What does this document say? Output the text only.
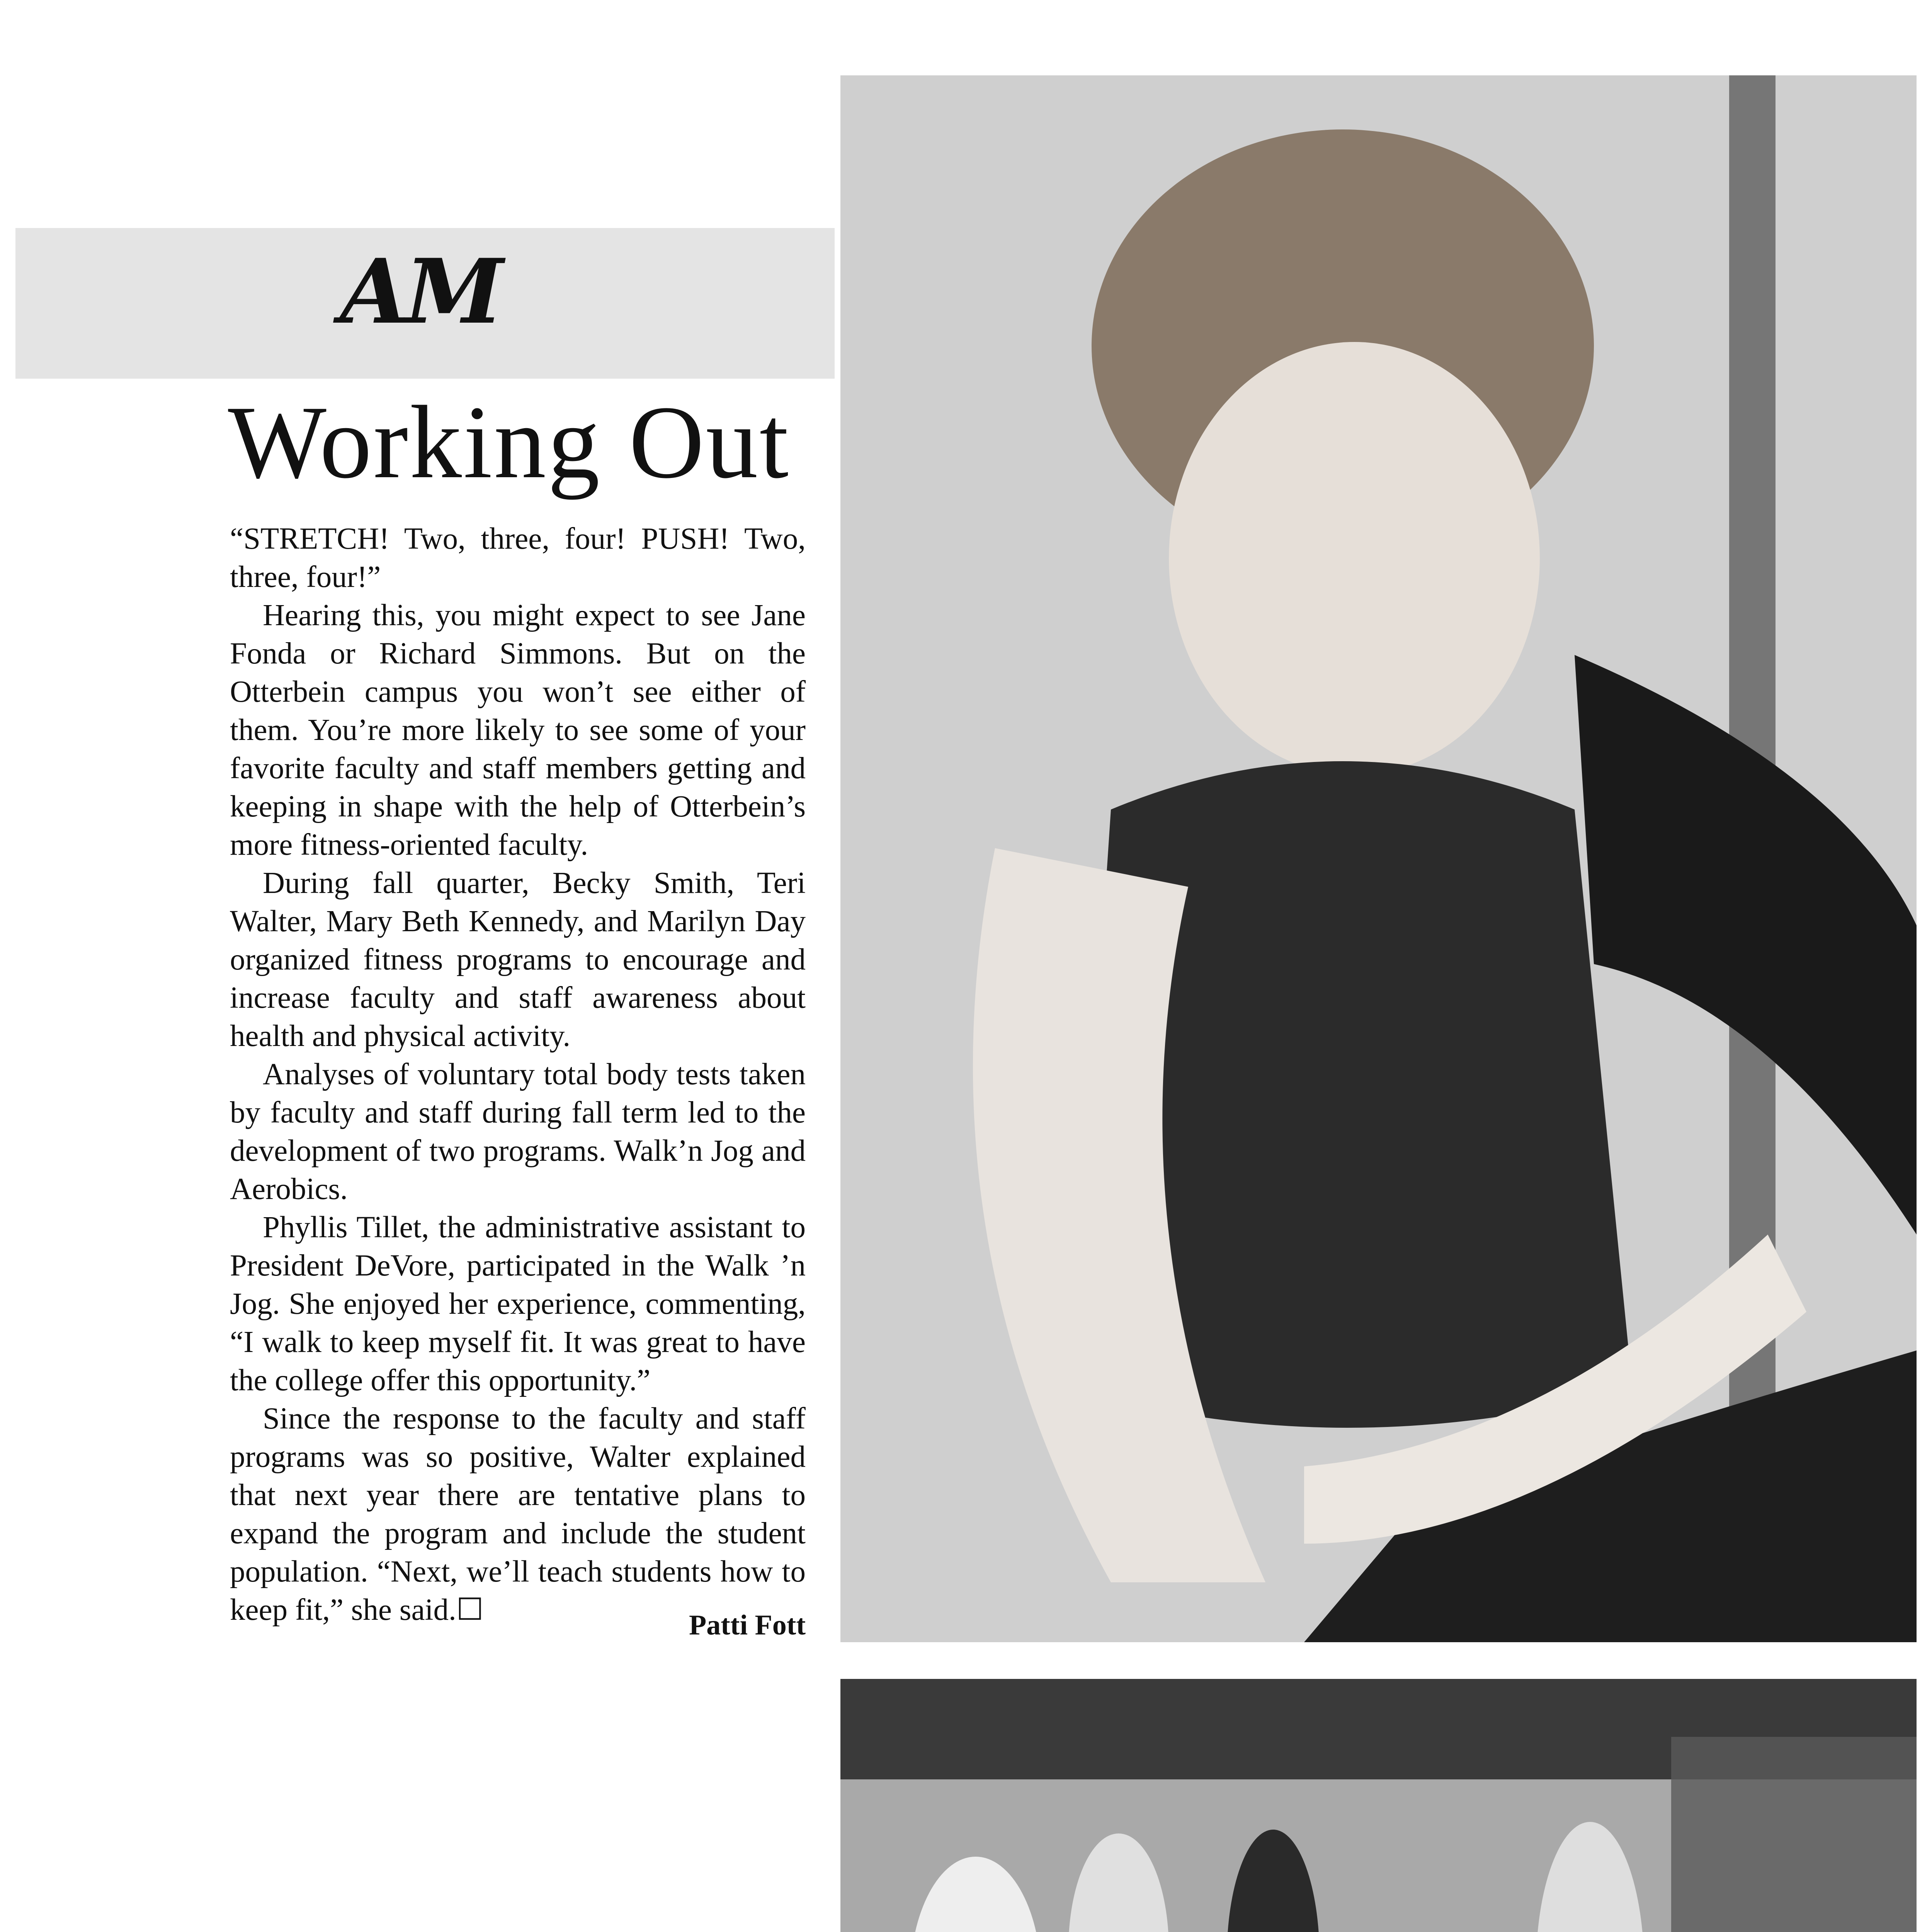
AM
Working Out

“STRETCH! Two, three, four! PUSH! Two, three, four!”

Hearing this, you might expect to see Jane Fonda or Richard Simmons. But on the Otterbein campus you won’t see either of them. You’re more likely to see some of your favorite faculty and staff members getting and keeping in shape with the help of Otterbein’s more fitness-oriented faculty.

During fall quarter, Becky Smith, Teri Walter, Mary Beth Kennedy, and Marilyn Day organized fitness programs to encourage and increase faculty and staff awareness about health and physical activity.

Analyses of voluntary total body tests taken by faculty and staff during fall term led to the development of two programs. Walk’n Jog and Aerobics.

Phyllis Tillet, the administrative assistant to President DeVore, participated in the Walk ’n Jog. She enjoyed her experience, commenting, “I walk to keep myself fit. It was great to have the college offer this opportunity.”

Since the response to the faculty and staff programs was so positive, Walter explained that next year there are tentative plans to expand the program and include the student population. “Next, we’ll teach students how to keep fit,” she said.☐	Patti Fott
